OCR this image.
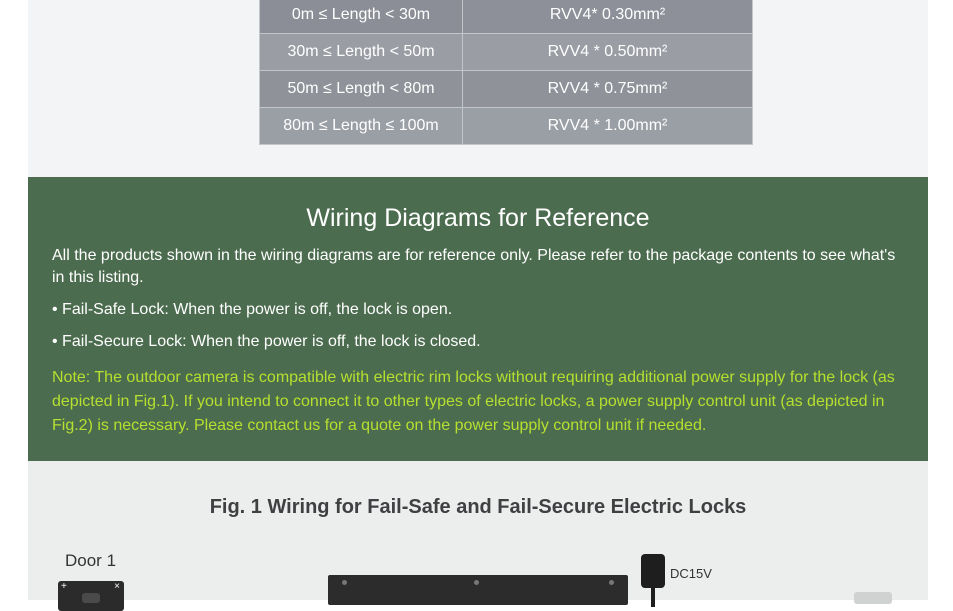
0m ≤ Length < 30m	RVV4* 0.30mm²
30m ≤ Length < 50m	RVV4 * 0.50mm²
50m ≤ Length < 80m	RVV4 * 0.75mm²
80m ≤ Length ≤ 100m	RVV4 * 1.00mm²
Wiring Diagrams for Reference
All the products shown in the wiring diagrams are for reference only. Please refer to the package contents to see what's in this listing.
• Fail-Safe Lock: When the power is off, the lock is open.
• Fail-Secure Lock: When the power is off, the lock is closed.
Note: The outdoor camera is compatible with electric rim locks without requiring additional power supply for the lock (as depicted in Fig.1). If you intend to connect it to other types of electric locks, a power supply control unit (as depicted in Fig.2) is necessary. Please contact us for a quote on the power supply control unit if needed.
Fig. 1 Wiring for Fail-Safe and Fail-Secure Electric Locks
Door 1
+	×
DC15V
